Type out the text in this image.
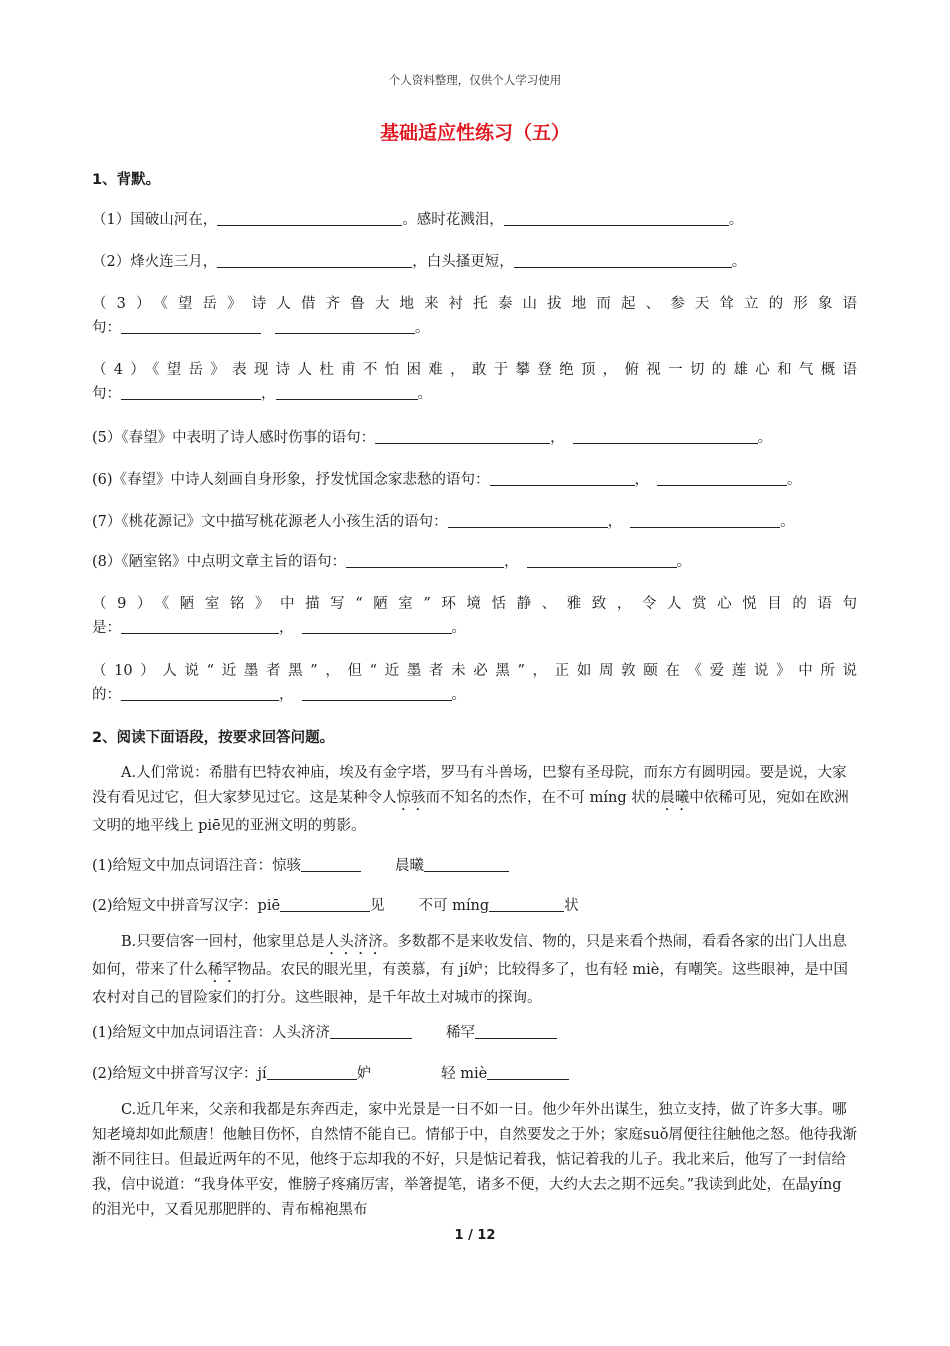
个人资料整理，仅供个人学习使用
基础适应性练习（五）
1、背默。
（1）国破山河在，	。感时花溅泪，	。
（2）烽火连三月，	，白头搔更短，	。
（3）《望岳》诗人借齐鲁大地来衬托泰山拔地而起、参天耸立的形象语
句：	。
（4）《望岳》表现诗人杜甫不怕困难，敢于攀登绝顶，俯视一切的雄心和气概语
句：	，	。
(5）《春望》中表明了诗人感时伤事的语句：	，	。
(6)《春望》中诗人刻画自身形象，抒发忧国念家悲愁的语句：	，	。
(7）《桃花源记》文中描写桃花源老人小孩生活的语句：	，	。
(8）《陋室铭》中点明文章主旨的语句：	，	。
（9）《陋室铭》中描写“陋室”环境恬静、雅致，令人赏心悦目的语句
是：	，	。
（10）人说“近墨者黑”，但“近墨者未必黑”，正如周敦颐在《爱莲说》中所说
的：	，	。
2、阅读下面语段，按要求回答问题。
A.人们常说：希腊有巴特农神庙，埃及有金字塔，罗马有斗兽场，巴黎有圣母院，而东方有圆明园。要是说，大家没有看见过它，但大家梦见过它。这是某种令人惊骇而不知名的杰作，在不可 míng 状的晨曦中依稀可见，宛如在欧洲文明的地平线上 piē见的亚洲文明的剪影。
(1)给短文中加点词语注音：惊骇	晨曦
(2)给短文中拼音写汉字：piē	见 不可 míng	状
B.只要信客一回村，他家里总是人头济济。多数都不是来收发信、物的，只是来看个热闹，看看各家的出门人出息如何，带来了什么稀罕物品。农民的眼光里，有羡慕，有 jí妒；比较得多了，也有轻 miè，有嘲笑。这些眼神，是中国农村对自己的冒险家们的打分。这些眼神，是千年故土对城市的探询。
(1)给短文中加点词语注音：人头济济	稀罕
(2)给短文中拼音写汉字：jí	妒	轻 miè
C.近几年来，父亲和我都是东奔西走，家中光景是一日不如一日。他少年外出谋生，独立支持，做了许多大事。哪知老境却如此颓唐！他触目伤怀，自然情不能自已。情郁于中，自然要发之于外；家庭suǒ屑便往往触他之怒。他待我渐渐不同往日。但最近两年的不见，他终于忘却我的不好，只是惦记着我，惦记着我的儿子。我北来后，他写了一封信给我，信中说道：“我身体平安，惟膀子疼痛厉害，举箸提笔，诸多不便，大约大去之期不远矣。”我读到此处，在晶yíng 的泪光中，又看见那肥胖的、青布棉袍黑布
1 / 12
